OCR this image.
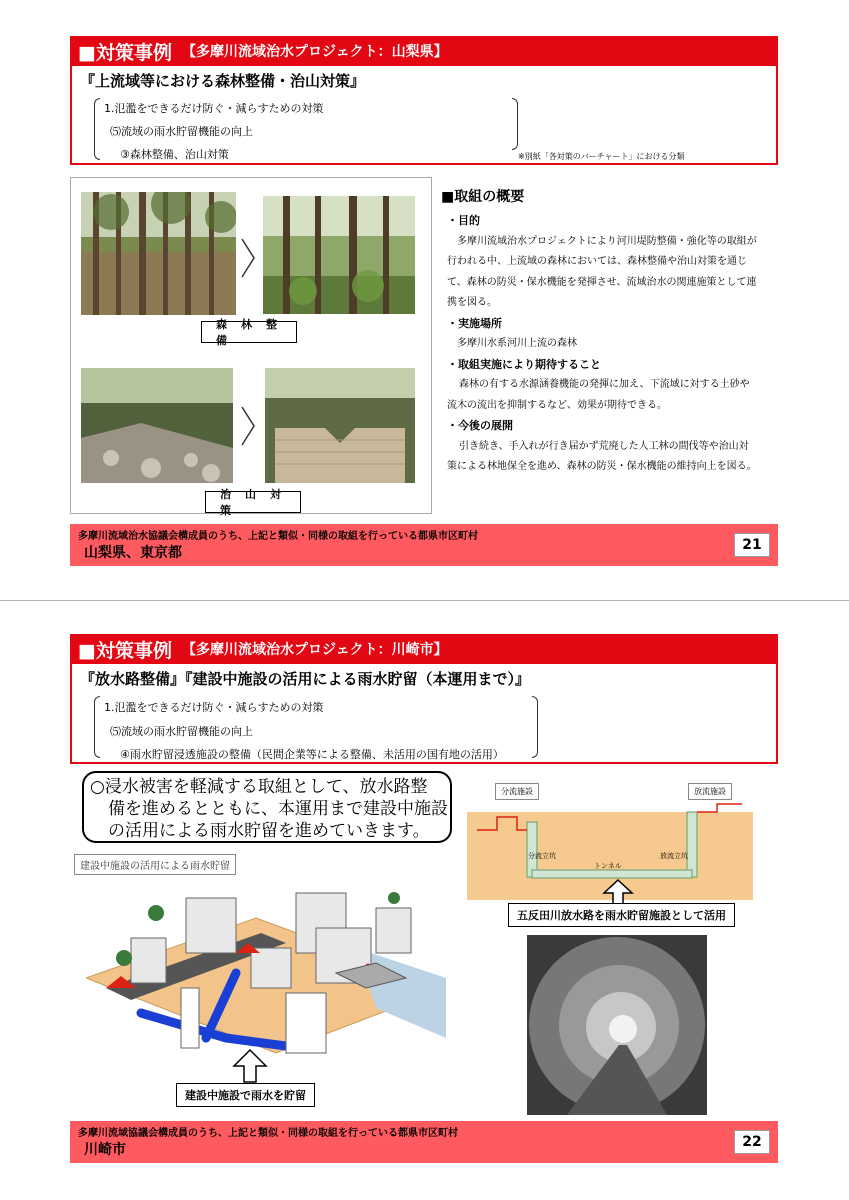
■対策事例 【多摩川流域治水プロジェクト：山梨県】
『上流域等における森林整備・治山対策』
1.氾濫をできるだけ防ぐ・減らすための対策
⑸流域の雨水貯留機能の向上
③森林整備、治山対策	※別紙「各対策のバーチャート」における分類
森林整備
治山対策
■取組の概要
・目的
多摩川流域治水プロジェクトにより河川堤防整備・強化等の取組が
行われる中、上流域の森林においては、森林整備や治山対策を通じ
て、森林の防災・保水機能を発揮させ、流域治水の関連施策として連
携を図る。
・実施場所
多摩川水系河川上流の森林
・取組実施により期待すること
森林の有する水源涵養機能の発揮に加え、下流域に対する土砂や
流木の流出を抑制するなど、効果が期待できる。
・今後の展開
引き続き、手入れが行き届かず荒廃した人工林の間伐等や治山対
策による林地保全を進め、森林の防災・保水機能の維持向上を図る。
多摩川流域治水協議会構成員のうち、上記と類似・同様の取組を行っている都県市区町村
山梨県、東京都	21
■対策事例 【多摩川流域治水プロジェクト：川崎市】
『放水路整備』『建設中施設の活用による雨水貯留（本運用まで）』
1.氾濫をできるだけ防ぐ・減らすための対策
⑸流域の雨水貯留機能の向上
④雨水貯留浸透施設の整備（民間企業等による整備、未活用の国有地の活用）
○浸水被害を軽減する取組として、放水路整
備を進めるとともに、本運用まで建設中施設
の活用による雨水貯留を進めていきます。
建設中施設の活用による雨水貯留
建設中施設で雨水を貯留
分流施設	放流施設
分流立坑	放流立坑
トンネル
五反田川放水路を雨水貯留施設として活用
多摩川流域協議会構成員のうち、上記と類似・同様の取組を行っている都県市区町村
川崎市	22
